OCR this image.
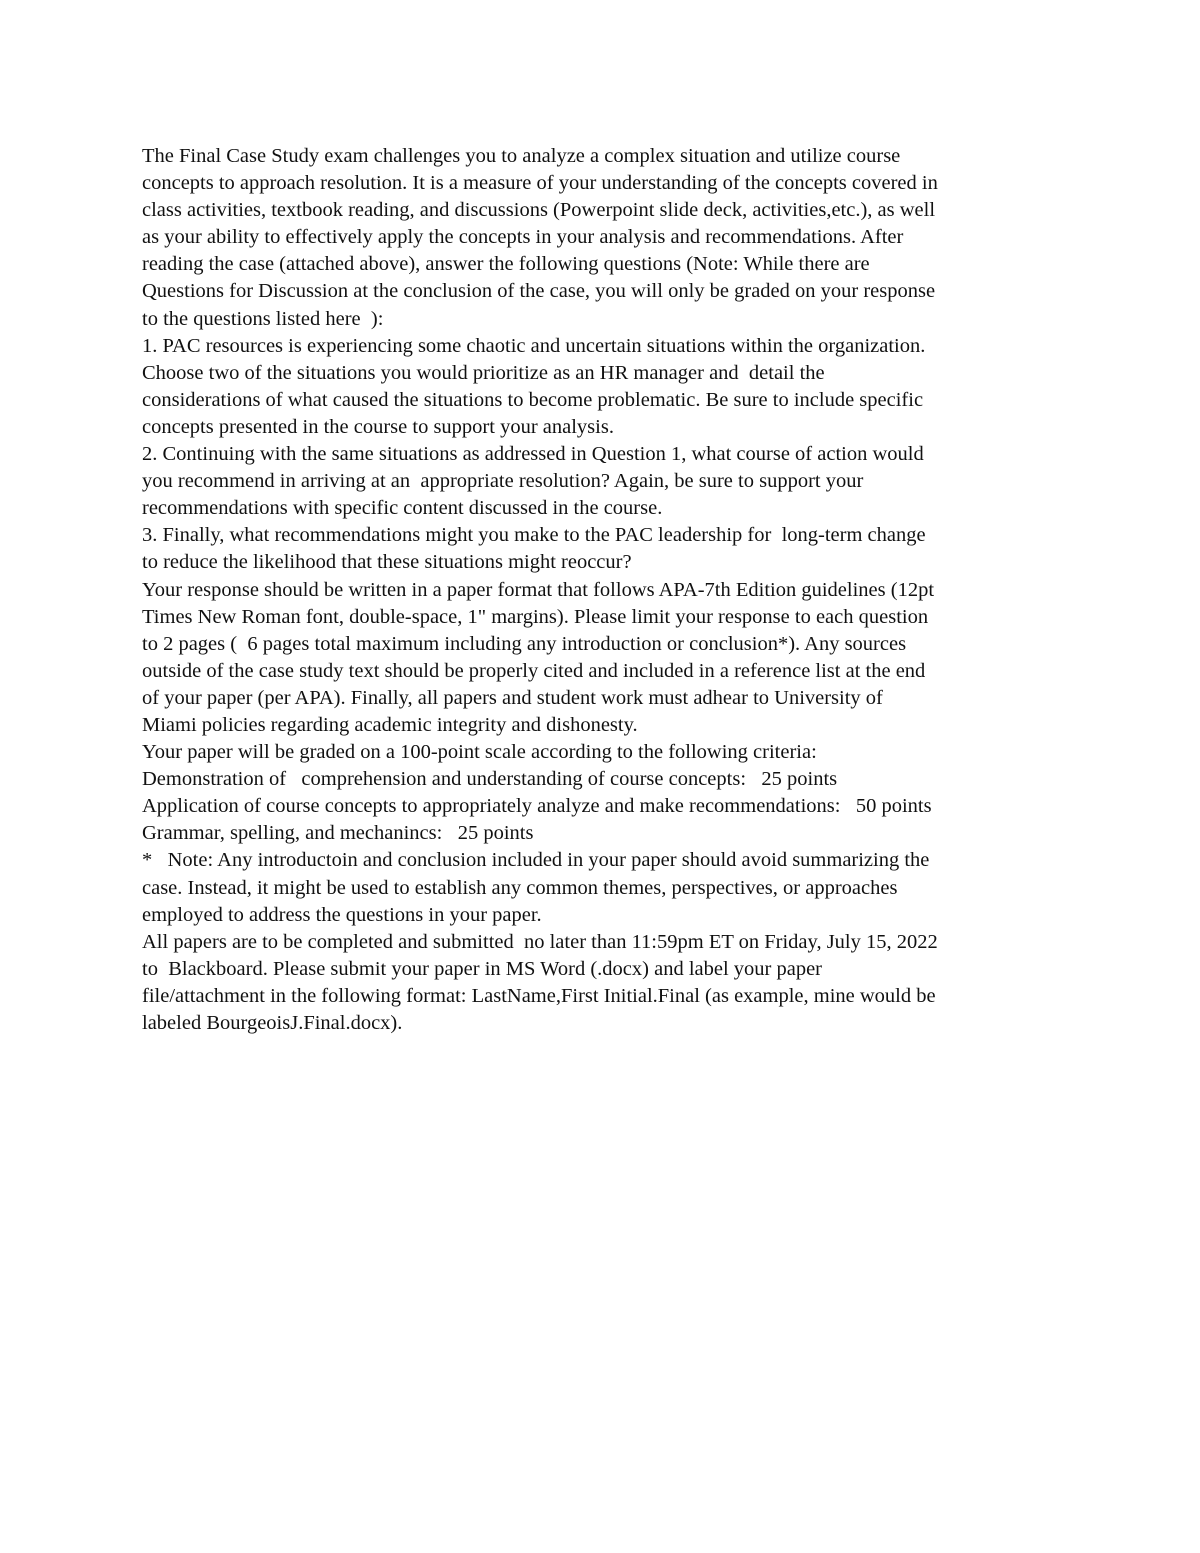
The Final Case Study exam challenges you to analyze a complex situation and utilize course
concepts to approach resolution. It is a measure of your understanding of the concepts covered in
class activities, textbook reading, and discussions (Powerpoint slide deck, activities,etc.), as well
as your ability to effectively apply the concepts in your analysis and recommendations. After
reading the case (attached above), answer the following questions (Note: While there are
Questions for Discussion at the conclusion of the case, you will only be graded on your response
to the questions listed here  ):
1. PAC resources is experiencing some chaotic and uncertain situations within the organization.
Choose two of the situations you would prioritize as an HR manager and  detail the
considerations of what caused the situations to become problematic. Be sure to include specific
concepts presented in the course to support your analysis.
2. Continuing with the same situations as addressed in Question 1, what course of action would
you recommend in arriving at an  appropriate resolution? Again, be sure to support your
recommendations with specific content discussed in the course.
3. Finally, what recommendations might you make to the PAC leadership for  long-term change
to reduce the likelihood that these situations might reoccur?
Your response should be written in a paper format that follows APA-7th Edition guidelines (12pt
Times New Roman font, double-space, 1" margins). Please limit your response to each question
to 2 pages (  6 pages total maximum including any introduction or conclusion*). Any sources
outside of the case study text should be properly cited and included in a reference list at the end
of your paper (per APA). Finally, all papers and student work must adhear to University of
Miami policies regarding academic integrity and dishonesty.
Your paper will be graded on a 100-point scale according to the following criteria:
Demonstration of   comprehension and understanding of course concepts:   25 points
Application of course concepts to appropriately analyze and make recommendations:   50 points
Grammar, spelling, and mechanincs:   25 points
*   Note: Any introductoin and conclusion included in your paper should avoid summarizing the
case. Instead, it might be used to establish any common themes, perspectives, or approaches
employed to address the questions in your paper.
All papers are to be completed and submitted  no later than 11:59pm ET on Friday, July 15, 2022
to  Blackboard. Please submit your paper in MS Word (.docx) and label your paper
file/attachment in the following format: LastName,First Initial.Final (as example, mine would be
labeled BourgeoisJ.Final.docx).
